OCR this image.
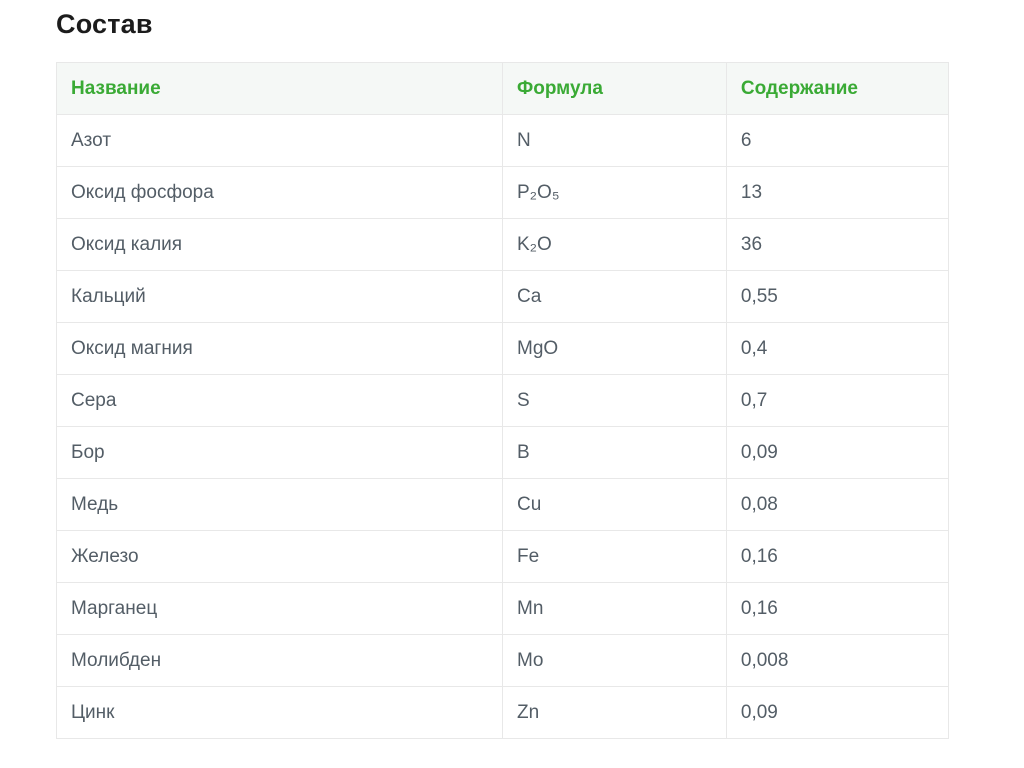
Состав
Название	Формула	Содержание
Азот	N	6
Оксид фосфора	P₂O₅	13
Оксид калия	K₂O	36
Кальций	Ca	0,55
Оксид магния	MgO	0,4
Сера	S	0,7
Бор	B	0,09
Медь	Cu	0,08
Железо	Fe	0,16
Марганец	Mn	0,16
Молибден	Mo	0,008
Цинк	Zn	0,09
